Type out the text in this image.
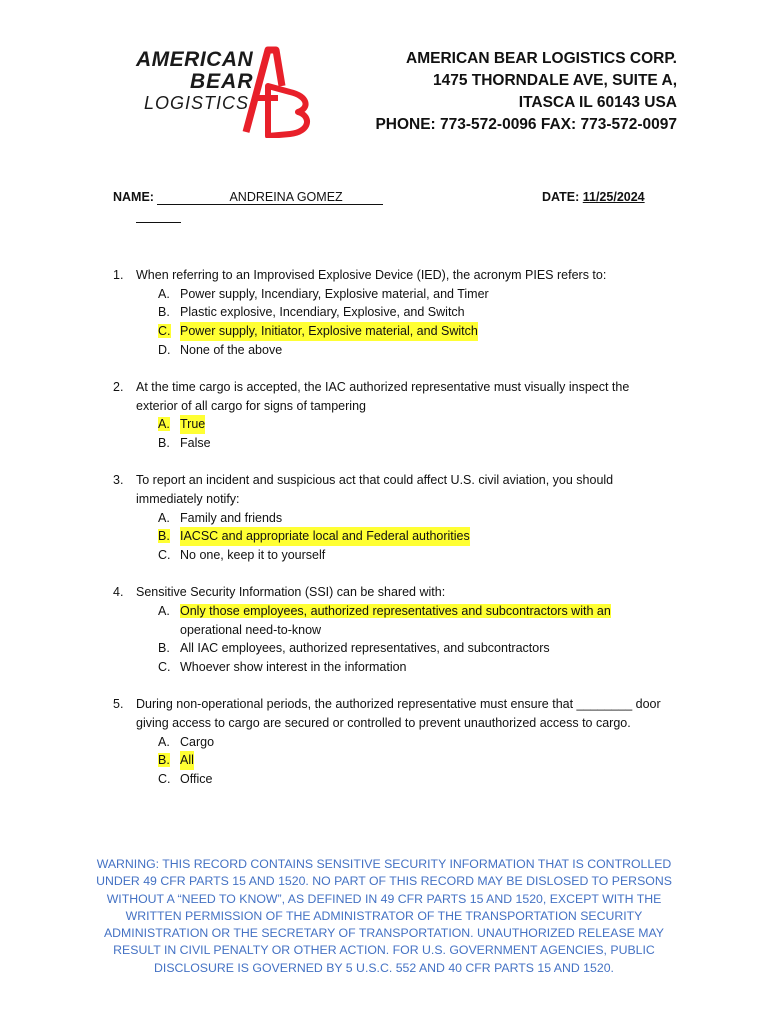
AMERICAN
BEAR
LOGISTICS
AMERICAN BEAR LOGISTICS CORP.
1475 THORNDALE AVE, SUITE A,
ITASCA IL 60143 USA
PHONE: 773-572-0096 FAX: 773-572-0097
NAME:	ANDREINA GOMEZ	DATE: 11/25/2024
1.	When referring to an Improvised Explosive Device (IED), the acronym PIES refers to:
A. Power supply, Incendiary, Explosive material, and Timer
B. Plastic explosive, Incendiary, Explosive, and Switch
C. Power supply, Initiator, Explosive material, and Switch
D. None of the above
2.	At the time cargo is accepted, the IAC authorized representative must visually inspect the exterior of all cargo for signs of tampering
A. True
B. False
3.	To report an incident and suspicious act that could affect U.S. civil aviation, you should immediately notify:
A. Family and friends
B. IACSC and appropriate local and Federal authorities
C. No one, keep it to yourself
4.	Sensitive Security Information (SSI) can be shared with:
A. Only those employees, authorized representatives and subcontractors with an
operational need-to-know
B. All IAC employees, authorized representatives, and subcontractors
C. Whoever show interest in the information
5.	During non-operational periods, the authorized representative must ensure that ________ door giving access to cargo are secured or controlled to prevent unauthorized access to cargo.
A. Cargo
B. All
C. Office
WARNING: THIS RECORD CONTAINS SENSITIVE SECURITY INFORMATION THAT IS CONTROLLED UNDER 49 CFR PARTS 15 AND 1520. NO PART OF THIS RECORD MAY BE DISLOSED TO PERSONS WITHOUT A “NEED TO KNOW”, AS DEFINED IN 49 CFR PARTS 15 AND 1520, EXCEPT WITH THE WRITTEN PERMISSION OF THE ADMINISTRATOR OF THE TRANSPORTATION SECURITY ADMINISTRATION OR THE SECRETARY OF TRANSPORTATION. UNAUTHORIZED RELEASE MAY RESULT IN CIVIL PENALTY OR OTHER ACTION. FOR U.S. GOVERNMENT AGENCIES, PUBLIC DISCLOSURE IS GOVERNED BY 5 U.S.C. 552 AND 40 CFR PARTS 15 AND 1520.
